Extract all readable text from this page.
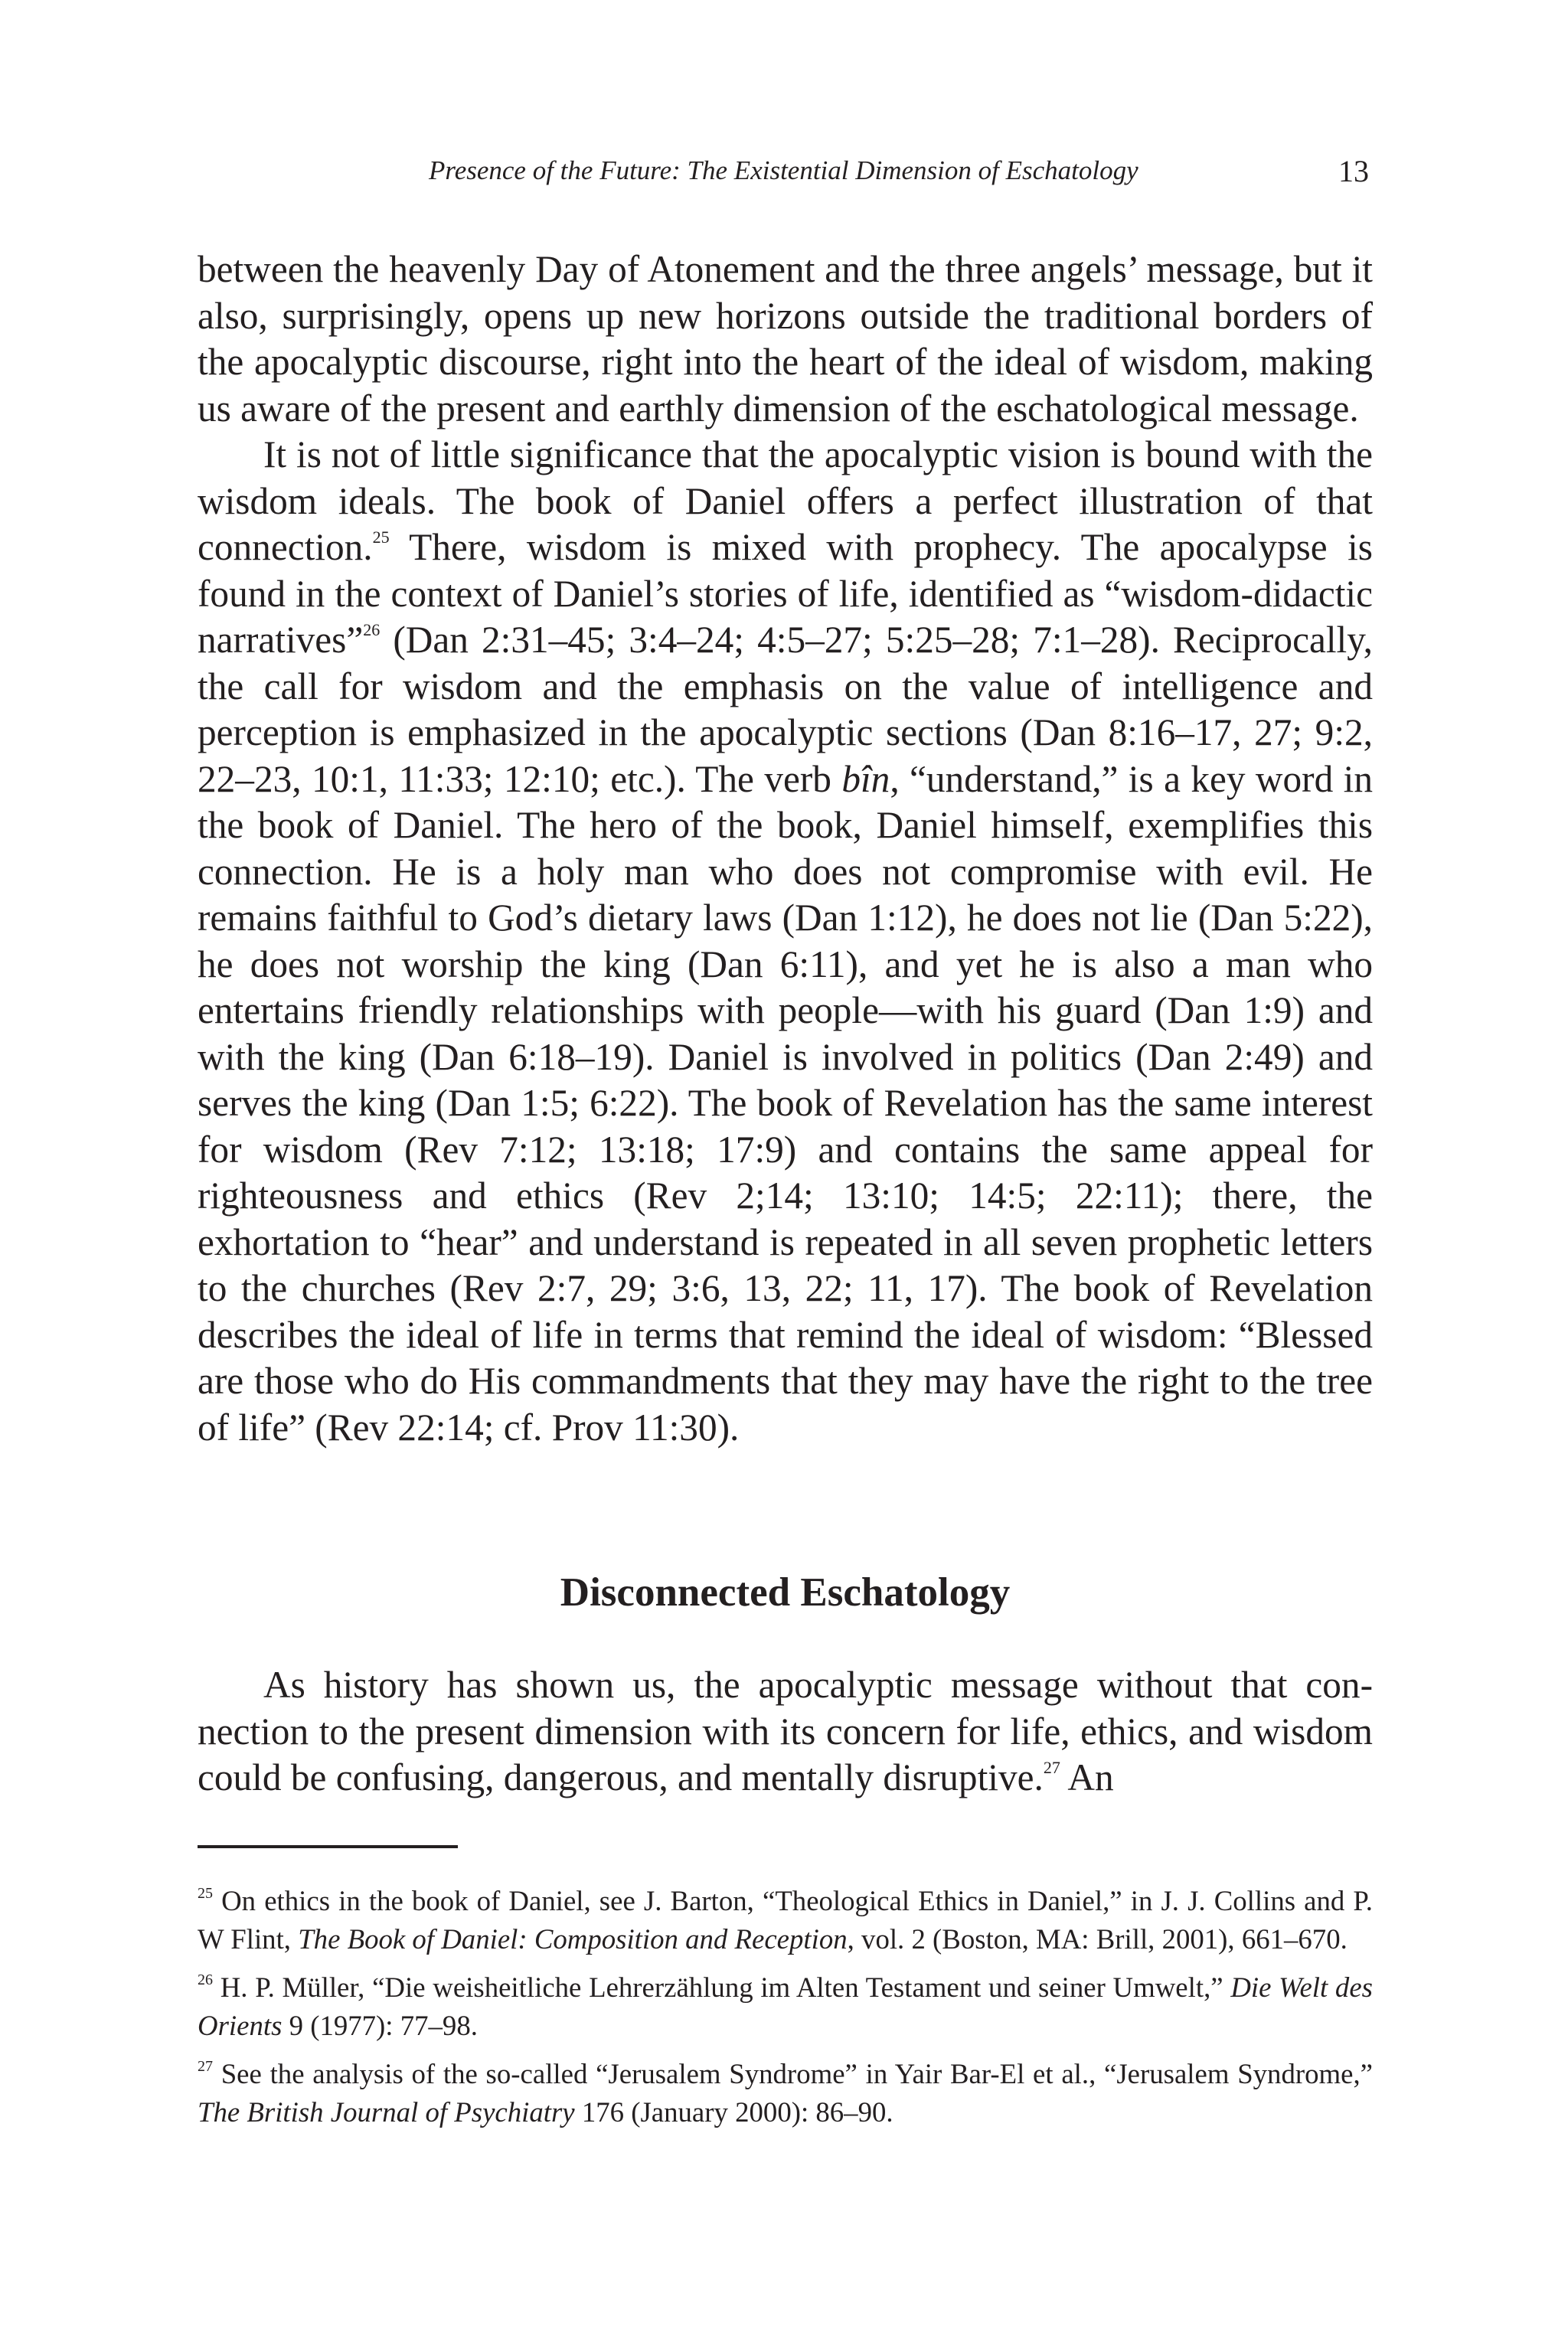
Presence of the Future: The Existential Dimension of Eschatology	13

between the heavenly Day of Atonement and the three angels’ message, but it also, surprisingly, opens up new horizons outside the traditional borders of the apocalyptic discourse, right into the heart of the ideal of wisdom, making us aware of the present and earthly dimension of the eschatological message.

It is not of little significance that the apocalyptic vision is bound with the wisdom ideals. The book of Daniel offers a perfect illustration of that connection.$^{25}$ There, wisdom is mixed with prophecy. The apocalypse is found in the context of Daniel’s stories of life, identified as “wisdom-didactic narratives”$^{26}$ (Dan 2:31–45; 3:4–24; 4:5–27; 5:25–28; 7:1–28). Reciprocally, the call for wisdom and the emphasis on the value of intelligence and perception is emphasized in the apocalyptic sections (Dan 8:16–17, 27; 9:2, 22–23, 10:1, 11:33; 12:10; etc.). The verb bîn, “understand,” is a key word in the book of Daniel. The hero of the book, Daniel himself, exemplifies this connection. He is a holy man who does not compromise with evil. He remains faithful to God’s dietary laws (Dan 1:12), he does not lie (Dan 5:22), he does not worship the king (Dan 6:11), and yet he is also a man who entertains friendly relationships with people—with his guard (Dan 1:9) and with the king (Dan 6:18–19). Daniel is involved in politics (Dan 2:49) and serves the king (Dan 1:5; 6:22). The book of Revelation has the same interest for wisdom (Rev 7:12; 13:18; 17:9) and contains the same appeal for righteousness and ethics (Rev 2;14; 13:10; 14:5; 22:11); there, the exhortation to “hear” and understand is repeated in all seven prophetic letters to the churches (Rev 2:7, 29; 3:6, 13, 22; 11, 17). The book of Revelation describes the ideal of life in terms that remind the ideal of wisdom: “Blessed are those who do His commandments that they may have the right to the tree of life” (Rev 22:14; cf. Prov 11:30).

Disconnected Eschatology

As history has shown us, the apocalyptic message without that connection to the present dimension with its concern for life, ethics, and wisdom could be confusing, dangerous, and mentally disruptive.$^{27}$ An

$^{25}$ On ethics in the book of Daniel, see J. Barton, “Theological Ethics in Daniel,” in J. J. Collins and P. W Flint, The Book of Daniel: Composition and Reception, vol. 2 (Boston, MA: Brill, 2001), 661–670.

$^{26}$ H. P. Müller, “Die weisheitliche Lehrerzählung im Alten Testament und seiner Umwelt,” Die Welt des Orients 9 (1977): 77–98.

$^{27}$ See the analysis of the so-called “Jerusalem Syndrome” in Yair Bar-El et al., “Jerusalem Syndrome,” The British Journal of Psychiatry 176 (January 2000): 86–90.
